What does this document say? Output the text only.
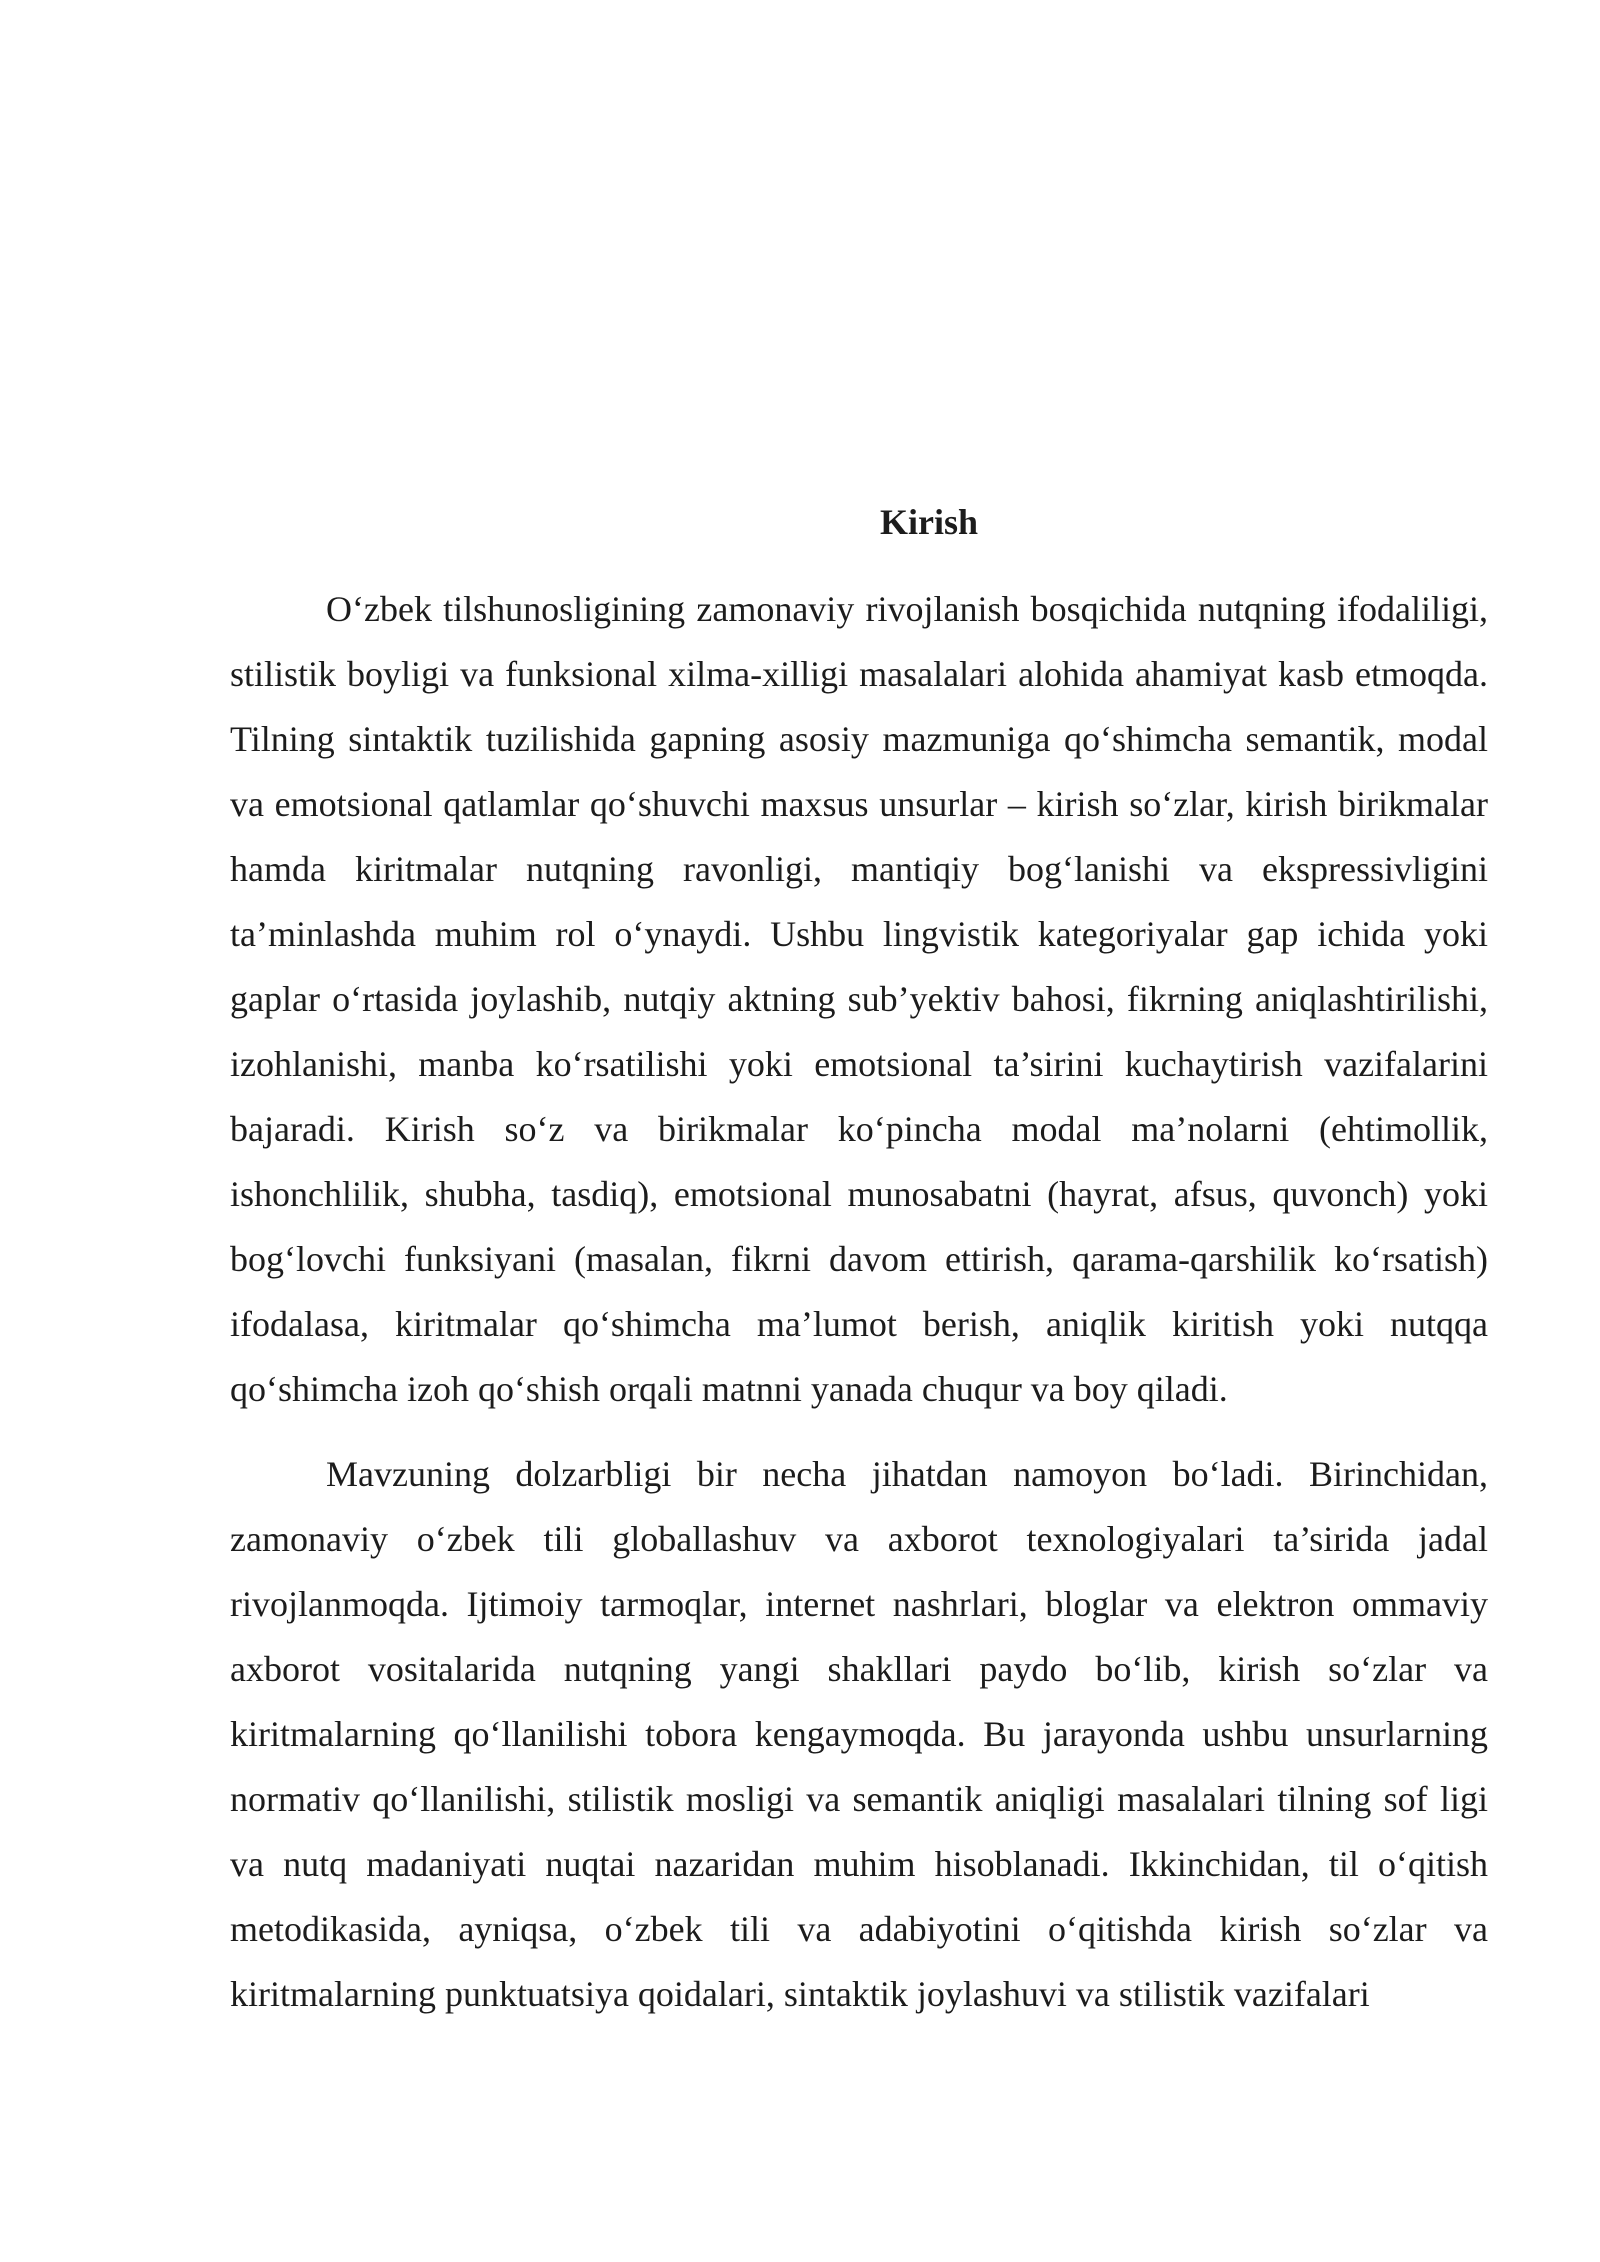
Kirish

O‘zbek tilshunosligining zamonaviy rivojlanish bosqichida nutqning ifodaliligi, stilistik boyligi va funksional xilma-xilligi masalalari alohida ahamiyat kasb etmoqda. Tilning sintaktik tuzilishida gapning asosiy mazmuniga qo‘shimcha semantik, modal va emotsional qatlamlar qo‘shuvchi maxsus unsurlar – kirish so‘zlar, kirish birikmalar hamda kiritmalar nutqning ravonligi, mantiqiy bog‘lanishi va ekspressivligini ta’minlashda muhim rol o‘ynaydi. Ushbu lingvistik kategoriyalar gap ichida yoki gaplar o‘rtasida joylashib, nutqiy aktning sub’yektiv bahosi, fikrning aniqlashtirilishi, izohlanishi, manba ko‘rsatilishi yoki emotsional ta’sirini kuchaytirish vazifalarini bajaradi. Kirish so‘z va birikmalar ko‘pincha modal ma’nolarni (ehtimollik, ishonchlilik, shubha, tasdiq), emotsional munosabatni (hayrat, afsus, quvonch) yoki bog‘lovchi funksiyani (masalan, fikrni davom ettirish, qarama-qarshilik ko‘rsatish) ifodalasa, kiritmalar qo‘shimcha ma’lumot berish, aniqlik kiritish yoki nutqqa qo‘shimcha izoh qo‘shish orqali matnni yanada chuqur va boy qiladi.

Mavzuning dolzarbligi bir necha jihatdan namoyon bo‘ladi. Birinchidan, zamonaviy o‘zbek tili globallashuv va axborot texnologiyalari ta’sirida jadal rivojlanmoqda. Ijtimoiy tarmoqlar, internet nashrlari, bloglar va elektron ommaviy axborot vositalarida nutqning yangi shakllari paydo bo‘lib, kirish so‘zlar va kiritmalarning qo‘llanilishi tobora kengaymoqda. Bu jarayonda ushbu unsurlarning normativ qo‘llanilishi, stilistik mosligi va semantik aniqligi masalalari tilning sof ligi va nutq madaniyati nuqtai nazaridan muhim hisoblanadi. Ikkinchidan, til o‘qitish metodikasida, ayniqsa, o‘zbek tili va adabiyotini o‘qitishda kirish so‘zlar va kiritmalarning punktuatsiya qoidalari, sintaktik joylashuvi va stilistik vazifalari
